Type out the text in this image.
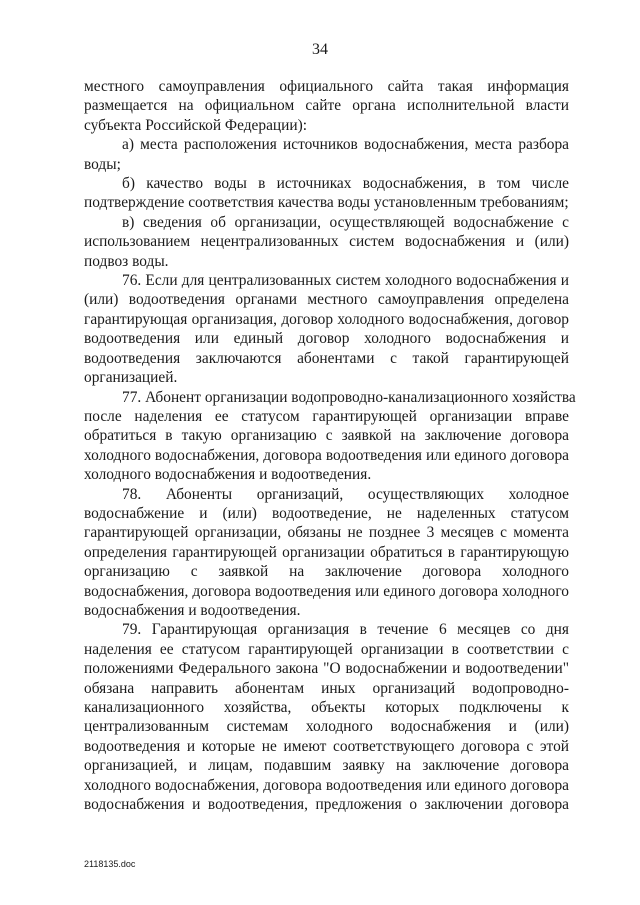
34
местного самоуправления официального сайта такая информация
размещается на официальном сайте органа исполнительной власти
субъекта Российской Федерации):
а) места расположения источников водоснабжения, места разбора
воды;
б) качество воды в источниках водоснабжения, в том числе
подтверждение соответствия качества воды установленным требованиям;
в) сведения об организации, осуществляющей водоснабжение с
использованием нецентрализованных систем водоснабжения и (или)
подвоз воды.
76. Если для централизованных систем холодного водоснабжения и
(или) водоотведения органами местного самоуправления определена
гарантирующая организация, договор холодного водоснабжения, договор
водоотведения или единый договор холодного водоснабжения и
водоотведения заключаются абонентами с такой гарантирующей
организацией.
77. Абонент организации водопроводно-канализационного хозяйства
после наделения ее статусом гарантирующей организации вправе
обратиться в такую организацию с заявкой на заключение договора
холодного водоснабжения, договора водоотведения или единого договора
холодного водоснабжения и водоотведения.
78. Абоненты организаций, осуществляющих холодное
водоснабжение и (или) водоотведение, не наделенных статусом
гарантирующей организации, обязаны не позднее 3 месяцев с момента
определения гарантирующей организации обратиться в гарантирующую
организацию с заявкой на заключение договора холодного
водоснабжения, договора водоотведения или единого договора холодного
водоснабжения и водоотведения.
79. Гарантирующая организация в течение 6 месяцев со дня
наделения ее статусом гарантирующей организации в соответствии с
положениями Федерального закона "О водоснабжении и водоотведении"
обязана направить абонентам иных организаций водопроводно-
канализационного хозяйства, объекты которых подключены к
централизованным системам холодного водоснабжения и (или)
водоотведения и которые не имеют соответствующего договора с этой
организацией, и лицам, подавшим заявку на заключение договора
холодного водоснабжения, договора водоотведения или единого договора
водоснабжения и водоотведения, предложения о заключении договора
2118135.doc
